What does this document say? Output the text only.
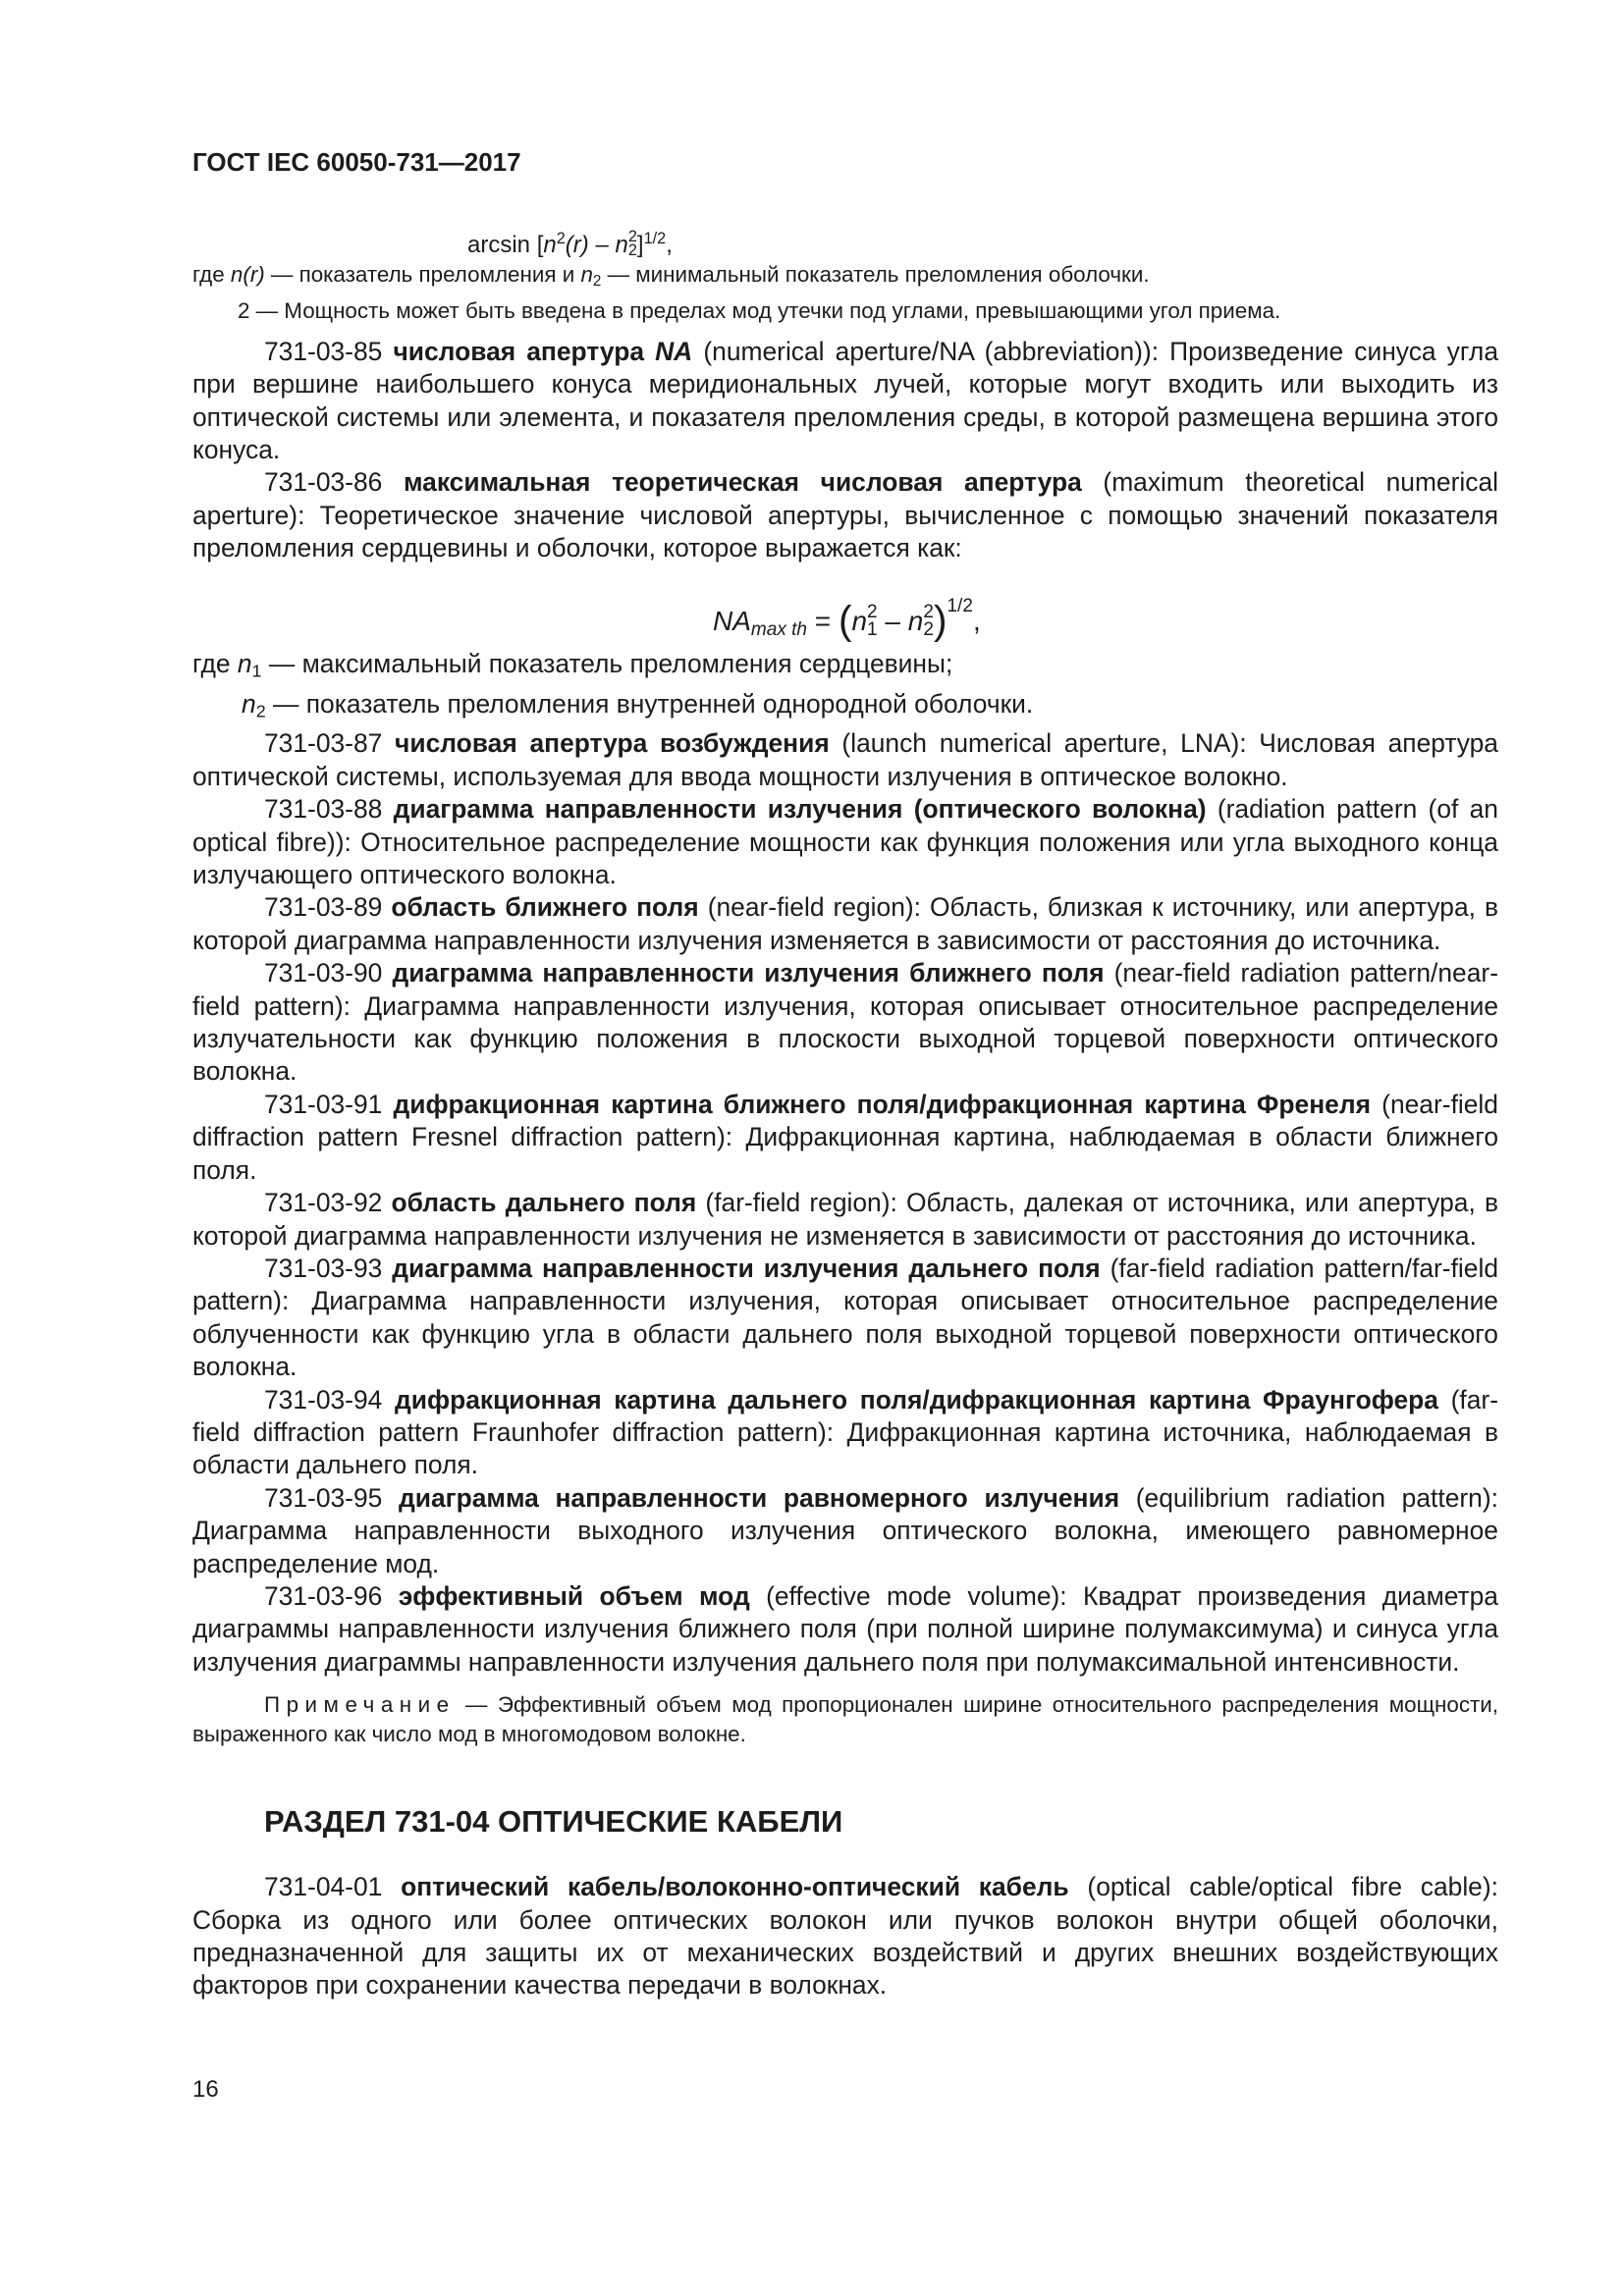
ГОСТ IEC 60050-731—2017
$\arcsin [n^2(r)$ – n 2
2 ]$^{1/2}$,

где n(r) — показатель преломления и $n_2$ — минимальный показатель преломления оболочки.

2 — Мощность может быть введена в пределах мод утечки под углами, превышающими угол приема.

731-03-85 числовая апертура NA (numerical aperture/NA (abbreviation)): Произведение синуса угла при вершине наибольшего конуса меридиональных лучей, которые могут входить или выходить из оптической системы или элемента, и показателя преломления среды, в которой размещена вершина этого конуса.

731-03-86 максимальная теоретическая числовая апертура (maximum theoretical numerical aperture): Теоретическое значение числовой апертуры, вычисленное с помощью значений показателя преломления сердцевины и оболочки, которое выражается как:

$NA_{max th} = (n$ 2
1 – n 2
2 )$^{1/2}$,

где $n_1$ — максимальный показатель преломления сердцевины;

$n_2$ — показатель преломления внутренней однородной оболочки.

731-03-87 числовая апертура возбуждения (launch numerical aperture, LNA): Числовая апертура оптической системы, используемая для ввода мощности излучения в оптическое волокно.

731-03-88 диаграмма направленности излучения (оптического волокна) (radiation pattern (of an optical fibre)): Относительное распределение мощности как функция положения или угла выходного конца излучающего оптического волокна.

731-03-89 область ближнего поля (near-field region): Область, близкая к источнику, или апертура, в которой диаграмма направленности излучения изменяется в зависимости от расстояния до источника.

731-03-90 диаграмма направленности излучения ближнего поля (near-field radiation pattern/near-field pattern): Диаграмма направленности излучения, которая описывает относительное распределение излучательности как функцию положения в плоскости выходной торцевой поверхности оптического волокна.

731-03-91 дифракционная картина ближнего поля/дифракционная картина Френеля (near-field diffraction pattern Fresnel diffraction pattern): Дифракционная картина, наблюдаемая в области ближнего поля.

731-03-92 область дальнего поля (far-field region): Область, далекая от источника, или апертура, в которой диаграмма направленности излучения не изменяется в зависимости от расстояния до источника.

731-03-93 диаграмма направленности излучения дальнего поля (far-field radiation pattern/far-field pattern): Диаграмма направленности излучения, которая описывает относительное распределение облученности как функцию угла в области дальнего поля выходной торцевой поверхности оптического волокна.

731-03-94 дифракционная картина дальнего поля/дифракционная картина Фраунгофера (far-field diffraction pattern Fraunhofer diffraction pattern): Дифракционная картина источника, наблюдаемая в области дальнего поля.

731-03-95 диаграмма направленности равномерного излучения (equilibrium radiation pattern): Диаграмма направленности выходного излучения оптического волокна, имеющего равномерное распределение мод.

731-03-96 эффективный объем мод (effective mode volume): Квадрат произведения диаметра диаграммы направленности излучения ближнего поля (при полной ширине полумаксимума) и синуса угла излучения диаграммы направленности излучения дальнего поля при полумаксимальной интенсивности.

Примечание — Эффективный объем мод пропорционален ширине относительного распределения мощности, выраженного как число мод в многомодовом волокне.

РАЗДЕЛ 731-04 ОПТИЧЕСКИЕ КАБЕЛИ

731-04-01 оптический кабель/волоконно-оптический кабель (optical cable/optical fibre cable): Сборка из одного или более оптических волокон или пучков волокон внутри общей оболочки, предназначенной для защиты их от механических воздействий и других внешних воздействующих факторов при сохранении качества передачи в волокнах.

16
